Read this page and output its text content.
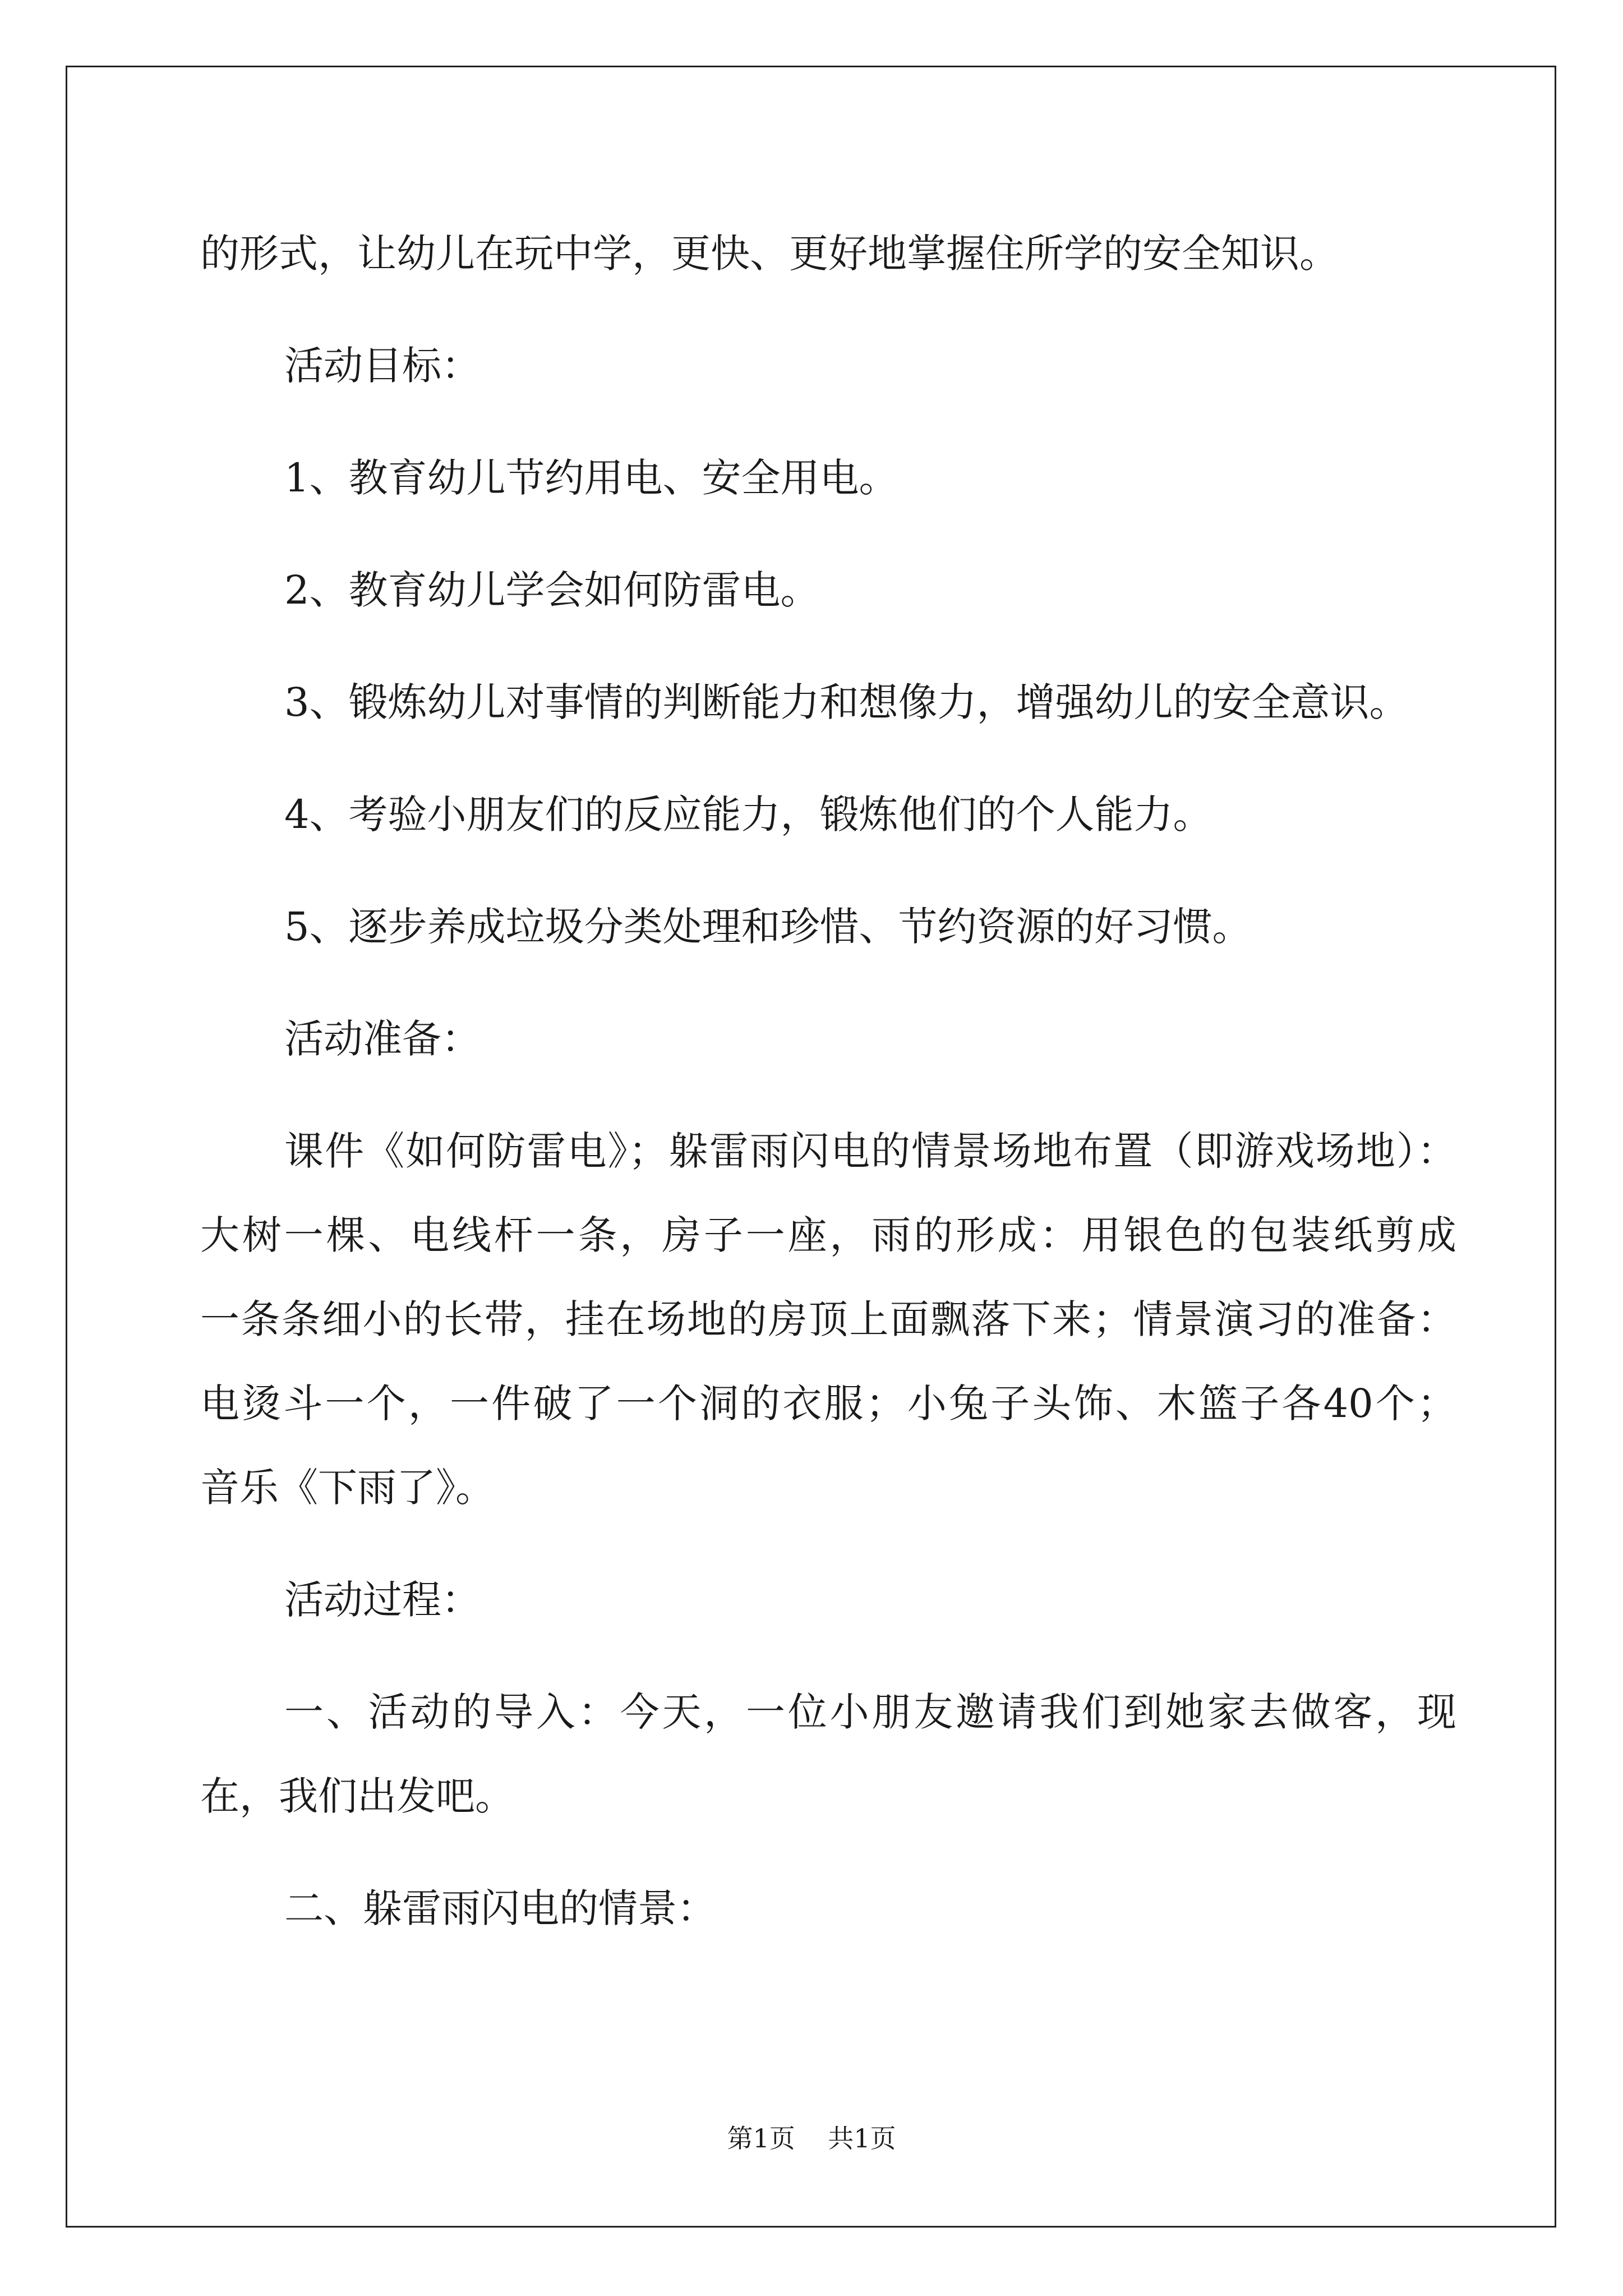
的形式，让幼儿在玩中学，更快、更好地掌握住所学的安全知识。
活动目标：
1、教育幼儿节约用电、安全用电。
2、教育幼儿学会如何防雷电。
3、锻炼幼儿对事情的判断能力和想像力，增强幼儿的安全意识。
4、考验小朋友们的反应能力，锻炼他们的个人能力。
5、逐步养成垃圾分类处理和珍惜、节约资源的好习惯。
活动准备：
课件《如何防雷电》；躲雷雨闪电的情景场地布置（即游戏场地）：
大树一棵、电线杆一条，房子一座，雨的形成：用银色的包装纸剪成
一条条细小的长带，挂在场地的房顶上面飘落下来；情景演习的准备：
电烫斗一个，一件破了一个洞的衣服；小兔子头饰、木篮子各40个；
音乐《下雨了》。
活动过程：
一、活动的导入：今天，一位小朋友邀请我们到她家去做客，现
在，我们出发吧。
二、躲雷雨闪电的情景：
第1页    共1页
